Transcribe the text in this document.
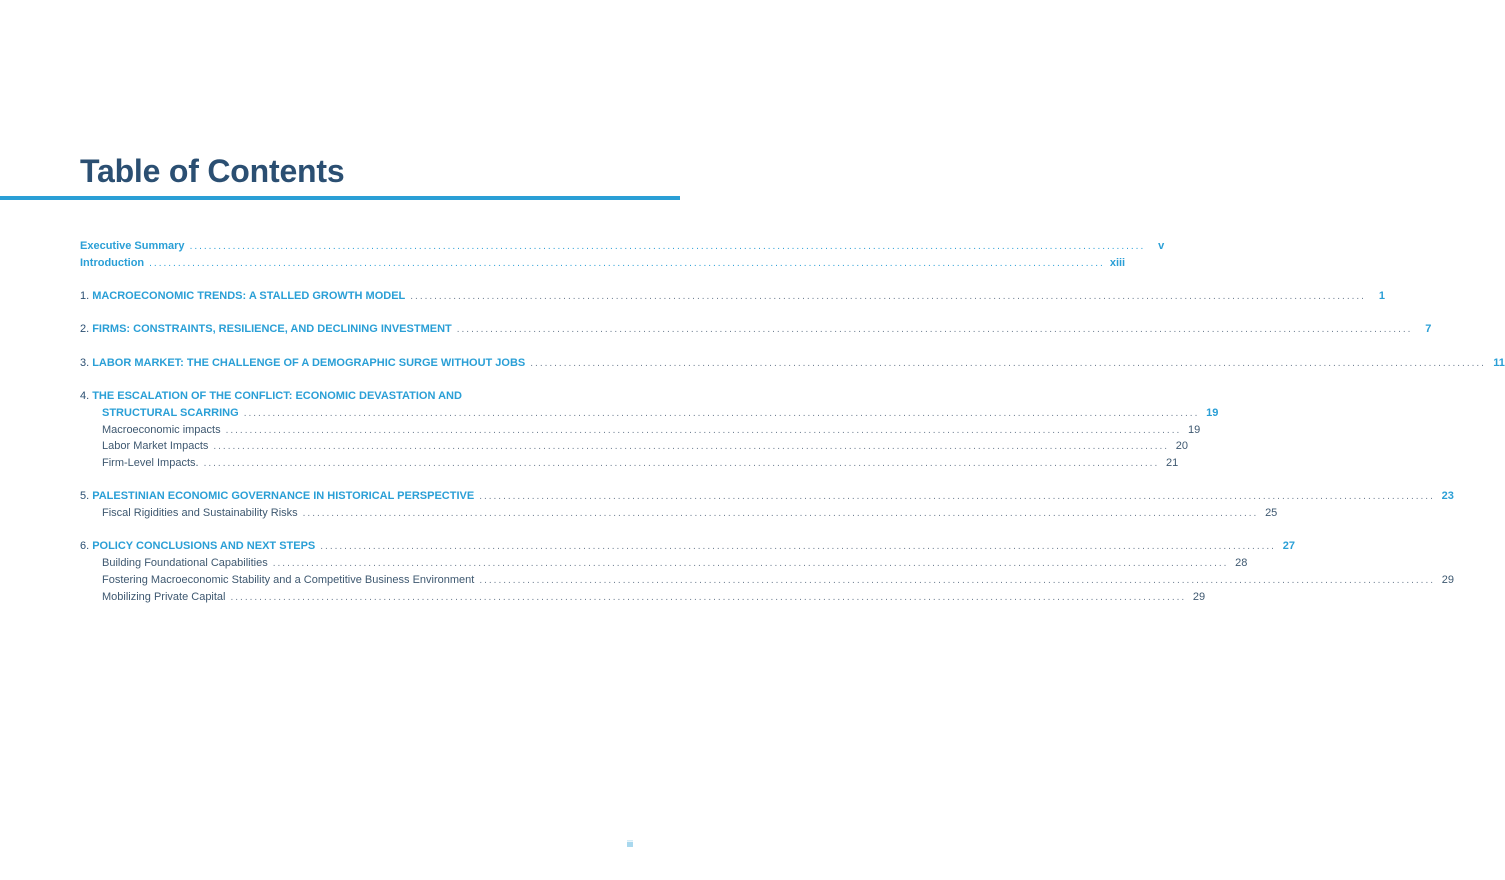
Table of Contents
Executive Summary ........................................................................................................................................................................................................	v
Introduction ........................................................................................................................................................................................................ xiii
1. MACROECONOMIC TRENDS: A STALLED GROWTH MODEL ........................................................................................................................................................................................................	1
2. FIRMS: CONSTRAINTS, RESILIENCE, AND DECLINING INVESTMENT ........................................................................................................................................................................................................	7
3. LABOR MARKET: THE CHALLENGE OF A DEMOGRAPHIC SURGE WITHOUT JOBS ........................................................................................................................................................................................................ 11
4. THE ESCALATION OF THE CONFLICT: ECONOMIC DEVASTATION AND
STRUCTURAL SCARRING ........................................................................................................................................................................................................ 19
Macroeconomic impacts ........................................................................................................................................................................................................ 19
Labor Market Impacts ........................................................................................................................................................................................................ 20
Firm-Level Impacts. ........................................................................................................................................................................................................ 21
5. PALESTINIAN ECONOMIC GOVERNANCE IN HISTORICAL PERSPECTIVE ........................................................................................................................................................................................................ 23
Fiscal Rigidities and Sustainability Risks ........................................................................................................................................................................................................ 25
6. POLICY CONCLUSIONS AND NEXT STEPS ........................................................................................................................................................................................................ 27
Building Foundational Capabilities ........................................................................................................................................................................................................ 28
Fostering Macroeconomic Stability and a Competitive Business Environment ........................................................................................................................................................................................................ 29
Mobilizing Private Capital ........................................................................................................................................................................................................ 29
iii
